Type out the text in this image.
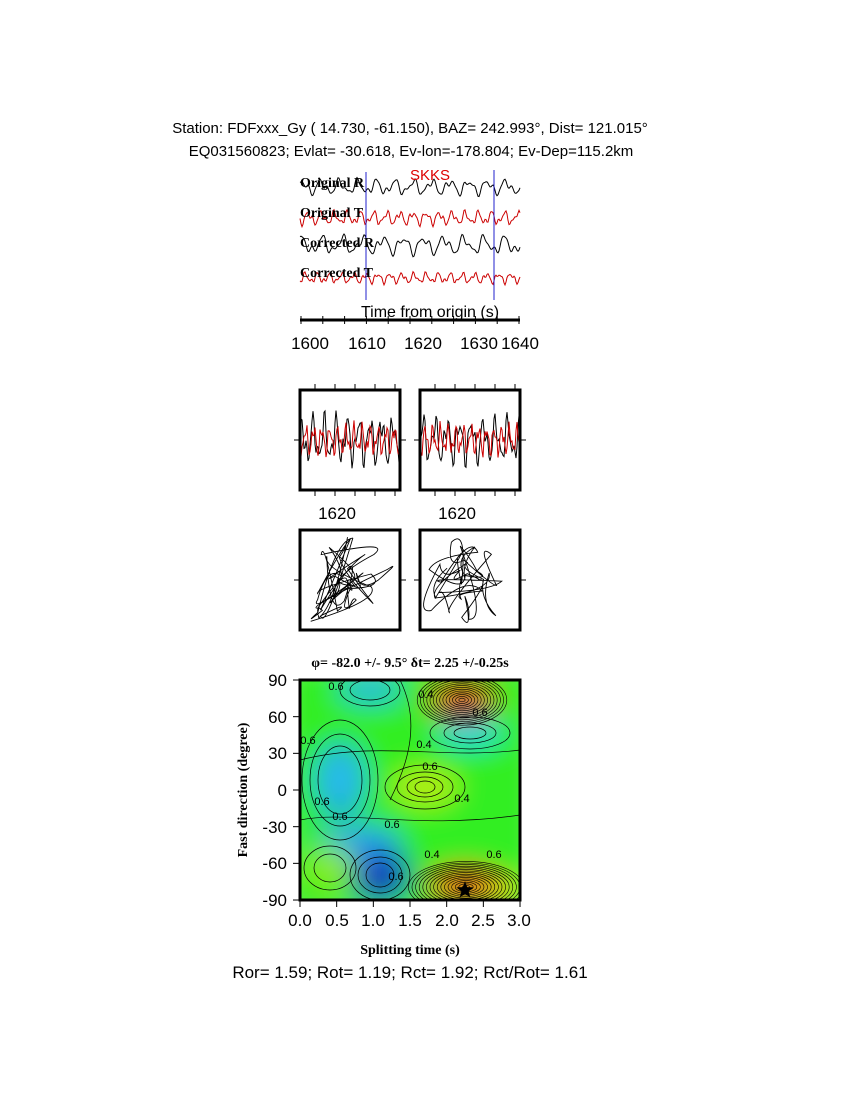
Station: FDFxxx_Gy ( 14.730, -61.150), BAZ= 242.993°, Dist= 121.015°
EQ031560823; Evlat= -30.618, Ev-lon=-178.804; Ev-Dep=115.2km
Original R
Original T
Corrected R
Corrected T
SKKS
Time from origin (s)
1600 1610 1620 1630 1640
1620	1620
φ= -82.0 +/- 9.5° δt= 2.25 +/-0.25s
0.6
0.4
0.6
0.6	0.4
0.6
0.6
0.6
0.4
0.6
0.4	0.6
0.6
0.0 0.5 1.0 1.5 2.0 2.5 3.0
-90
-60
-30
0
30
60
90
Splitting time (s)
Fast direction (degree)
Ror= 1.59; Rot= 1.19; Rct= 1.92; Rct/Rot= 1.61
